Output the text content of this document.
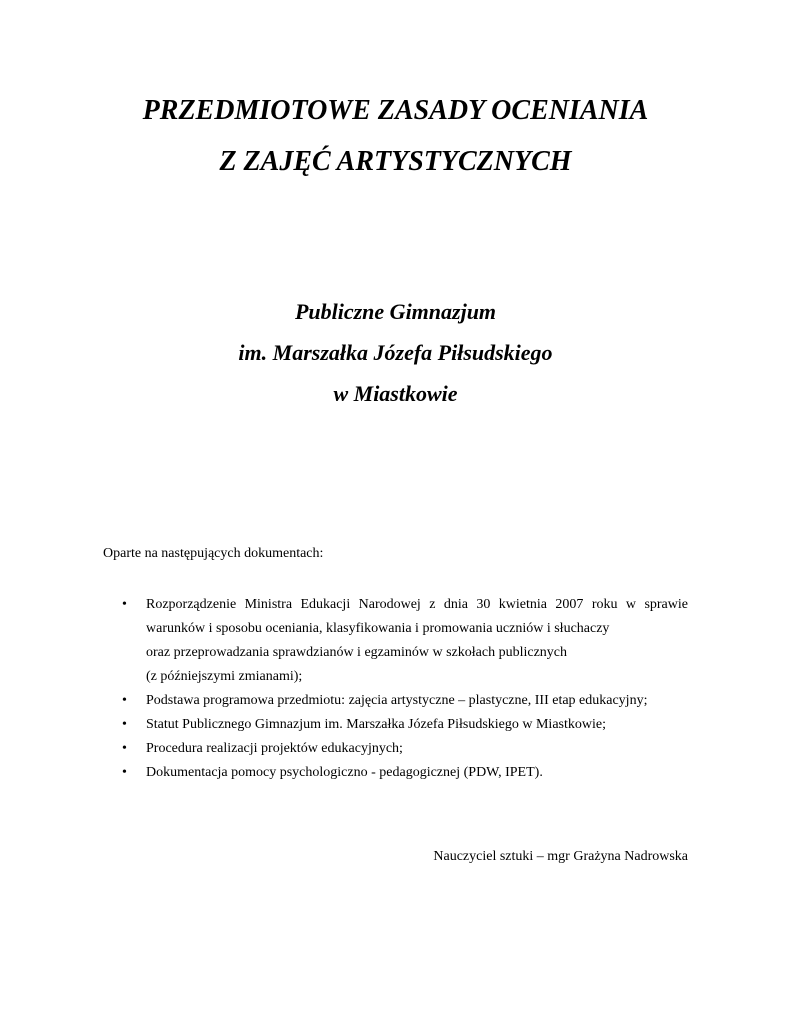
PRZEDMIOTOWE ZASADY OCENIANIA
Z ZAJĘĆ ARTYSTYCZNYCH
Publiczne Gimnazjum
im. Marszałka Józefa Piłsudskiego
w Miastkowie
Oparte na następujących dokumentach:
• Rozporządzenie Ministra Edukacji Narodowej z dnia 30 kwietnia 2007 roku w sprawie
warunków i sposobu oceniania, klasyfikowania i promowania uczniów i słuchaczy
oraz przeprowadzania sprawdzianów i egzaminów w szkołach publicznych
(z późniejszymi zmianami);
• Podstawa programowa przedmiotu: zajęcia artystyczne – plastyczne, III etap edukacyjny;
• Statut Publicznego Gimnazjum im. Marszałka Józefa Piłsudskiego w Miastkowie;
• Procedura realizacji projektów edukacyjnych;
• Dokumentacja pomocy psychologiczno - pedagogicznej (PDW, IPET).
Nauczyciel sztuki – mgr Grażyna Nadrowska
